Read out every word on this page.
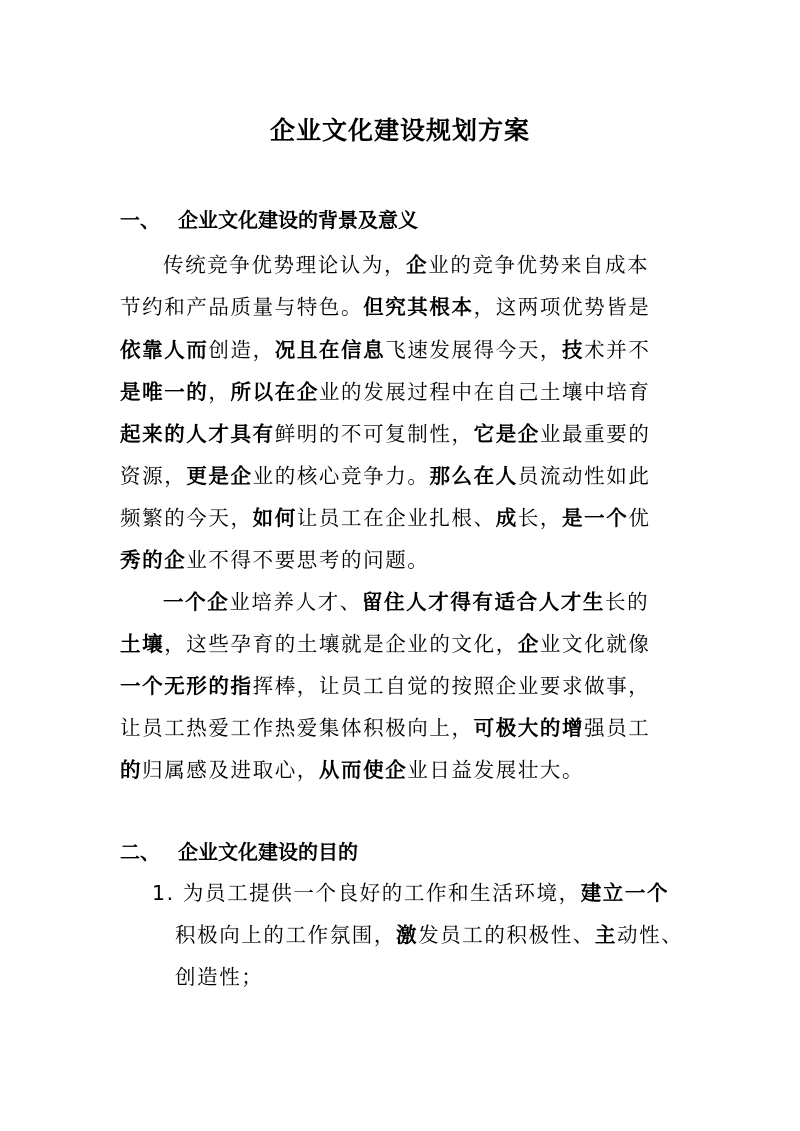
企业文化建设规划方案
一、 企业文化建设的背景及意义
传统竞争优势理论认为，企业的竞争优势来自成本
节约和产品质量与特色。但究其根本，这两项优势皆是
依靠人而创造，况且在信息飞速发展得今天，技术并不
是唯一的，所以在企业的发展过程中在自己土壤中培育
起来的人才具有鲜明的不可复制性，它是企业最重要的
资源，更是企业的核心竞争力。那么在人员流动性如此
频繁的今天，如何让员工在企业扎根、成长，是一个优
秀的企业不得不要思考的问题。
一个企业培养人才、留住人才得有适合人才生长的
土壤，这些孕育的土壤就是企业的文化，企业文化就像
一个无形的指挥棒，让员工自觉的按照企业要求做事，
让员工热爱工作热爱集体积极向上，可极大的增强员工
的归属感及进取心，从而使企业日益发展壮大。
二、 企业文化建设的目的
1. 为员工提供一个良好的工作和生活环境，建立一个
积极向上的工作氛围，激发员工的积极性、主动性、
创造性；
